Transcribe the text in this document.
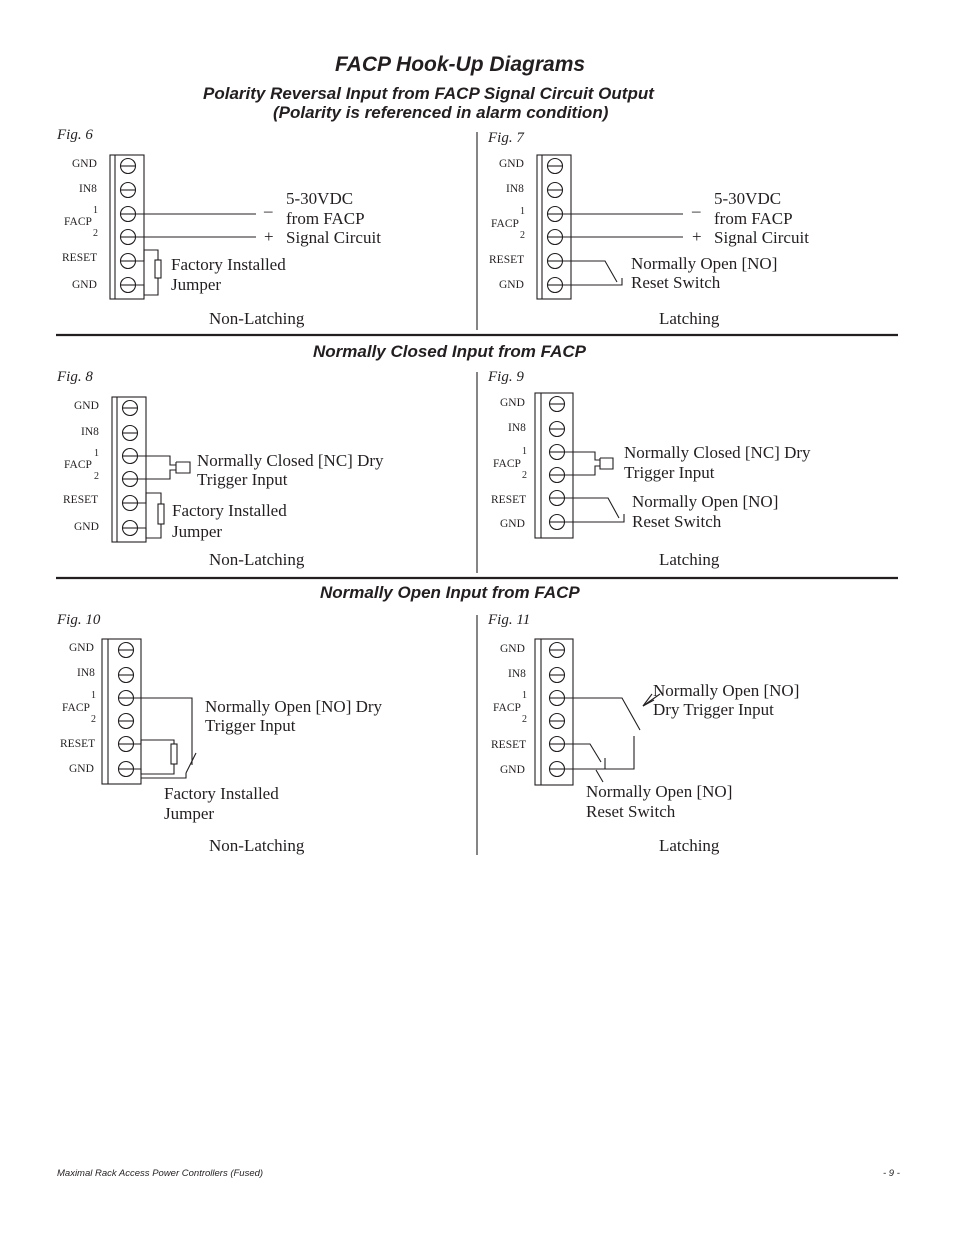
FACP Hook-Up Diagrams
Polarity Reversal Input from FACP Signal Circuit Output
(Polarity is referenced in alarm condition)
Normally Closed Input from FACP
Normally Open Input from FACP
Fig. 6
GND
IN8
1
FACP
2
RESET
GND
–
+
5-30VDC
from FACP
Signal Circuit
Factory Installed
Jumper
Non-Latching
Fig. 7
GND
IN8
1
FACP
2
RESET
GND
–
+
5-30VDC
from FACP
Signal Circuit
Normally Open [NO]
Reset Switch
Latching
Fig. 8
GND
IN8
1
FACP
2
RESET
GND
Normally Closed [NC] Dry
Trigger Input
Factory Installed
Jumper
Non-Latching
Fig. 9
GND
IN8
1
FACP
2
RESET
GND
Normally Closed [NC] Dry
Trigger Input
Normally Open [NO]
Reset Switch
Latching
Fig. 10
GND
IN8
1
FACP
2
RESET
GND
Normally Open [NO] Dry
Trigger Input
Factory Installed
Jumper
Non-Latching
Fig. 11
GND
IN8
1
FACP
2
RESET
GND
Normally Open [NO]
Dry Trigger Input
Normally Open [NO]
Reset Switch
Latching
Maximal Rack Access Power Controllers (Fused)	- 9 -
